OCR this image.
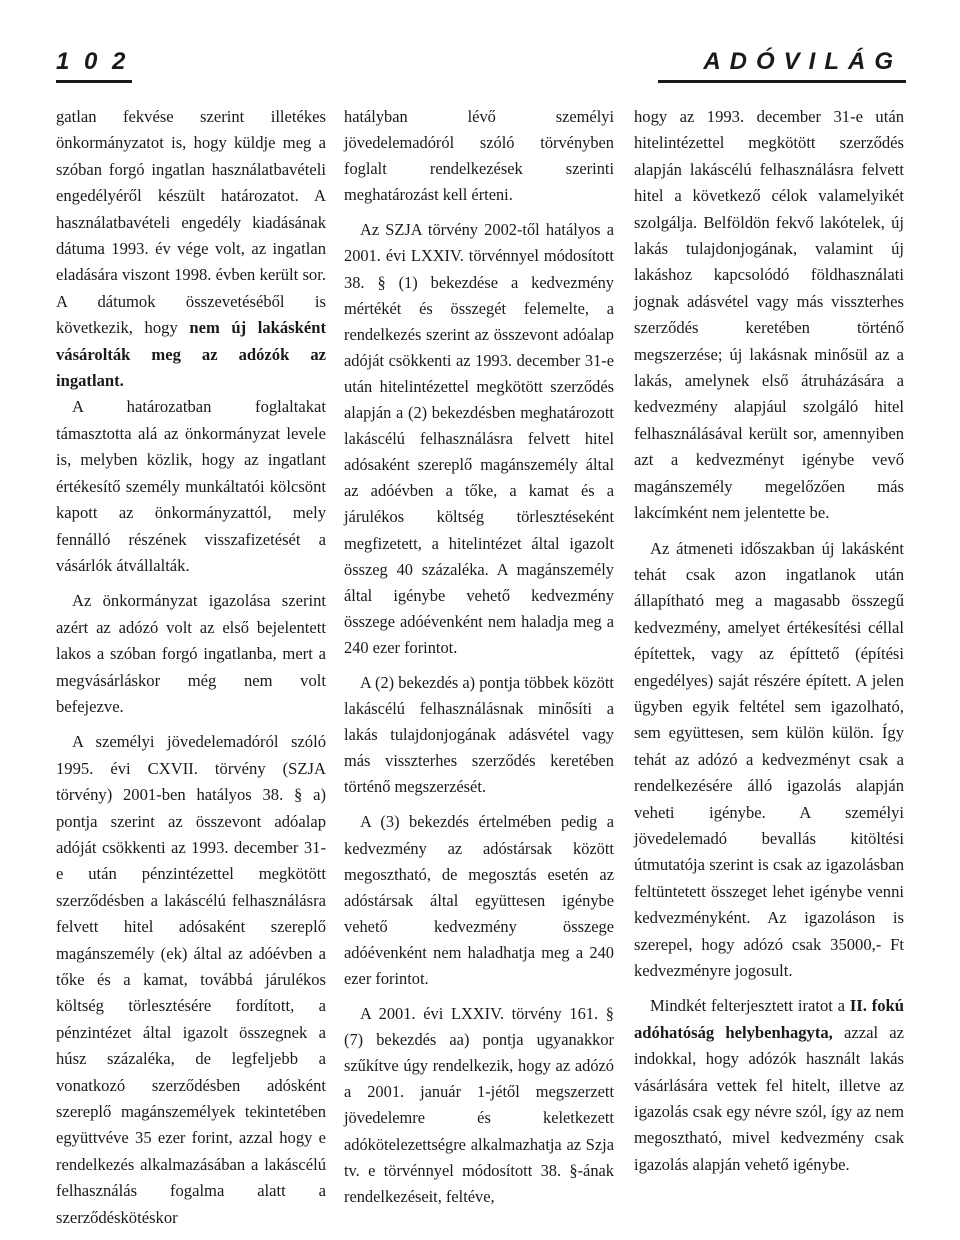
1 0 2	ADÓVILÁG

gatlan fekvése szerint illetékes önkormányzatot is, hogy küldje meg a szóban forgó ingatlan használatbavételi engedélyéről készült határozatot. A használatbavételi engedély kiadásának dátuma 1993. év vége volt, az ingatlan eladására viszont 1998. évben került sor. A dátumok összevetéséből is következik, hogy nem új lakásként vásárolták meg az adózók az ingatlant.

A határozatban foglaltakat támasztotta alá az önkormányzat levele is, melyben közlik, hogy az ingatlant értékesítő személy munkáltatói kölcsönt kapott az önkormányzattól, mely fennálló részének visszafizetését a vásárlók átvállalták.

Az önkormányzat igazolása szerint azért az adózó volt az első bejelentett lakos a szóban forgó ingatlanba, mert a megvásárláskor még nem volt befejezve.

A személyi jövedelemadóról szóló 1995. évi CXVII. törvény (SZJA törvény) 2001-ben hatályos 38. § a) pontja szerint az összevont adóalap adóját csökkenti az 1993. december 31-e után pénzintézettel megkötött szerződésben a lakáscélú felhasználásra felvett hitel adósaként szereplő magánszemély (ek) által az adóévben a tőke és a kamat, továbbá járulékos költség törlesztésére fordított, a pénzintézet által igazolt összegnek a húsz százaléka, de legfeljebb a vonatkozó szerződésben adósként szereplő magánszemélyek tekintetében együttvéve 35 ezer forint, azzal hogy e rendelkezés alkalmazásában a lakáscélú felhasználás fogalma alatt a szerződéskötéskor

hatályban lévő személyi jövedelemadóról szóló törvényben foglalt rendelkezések szerinti meghatározást kell érteni.

Az SZJA törvény 2002-től hatályos a 2001. évi LXXIV. törvénnyel módosított 38. § (1) bekezdése a kedvezmény mértékét és összegét felemelte, a rendelkezés szerint az összevont adóalap adóját csökkenti az 1993. december 31-e után hitelintézettel megkötött szerződés alapján a (2) bekezdésben meghatározott lakáscélú felhasználásra felvett hitel adósaként szereplő magánszemély által az adóévben a tőke, a kamat és a járulékos költség törlesztéseként megfizetett, a hitelintézet által igazolt összeg 40 százaléka. A magánszemély által igénybe vehető kedvezmény összege adóévenként nem haladja meg a 240 ezer forintot.

A (2) bekezdés a) pontja többek között lakáscélú felhasználásnak minősíti a lakás tulajdonjogának adásvétel vagy más visszterhes szerződés keretében történő megszerzését.

A (3) bekezdés értelmében pedig a kedvezmény az adóstársak között megosztható, de megosztás esetén az adóstársak által együttesen igénybe vehető kedvezmény összege adóévenként nem haladhatja meg a 240 ezer forintot.

A 2001. évi LXXIV. törvény 161. § (7) bekezdés aa) pontja ugyanakkor szűkítve úgy rendelkezik, hogy az adózó a 2001. január 1-jétől megszerzett jövedelemre és keletkezett adókötelezettségre alkalmazhatja az Szja tv. e törvénnyel módosított 38. §-ának rendelkezéseit, feltéve,

hogy az 1993. december 31-e után hitelintézettel megkötött szerződés alapján lakáscélú felhasználásra felvett hitel a következő célok valamelyikét szolgálja. Belföldön fekvő lakótelek, új lakás tulajdonjogának, valamint új lakáshoz kapcsolódó földhasználati jognak adásvétel vagy más visszterhes szerződés keretében történő megszerzése; új lakásnak minősül az a lakás, amelynek első átruházására a kedvezmény alapjául szolgáló hitel felhasználásával került sor, amennyiben azt a kedvezményt igénybe vevő magánszemély megelőzően más lakcímként nem jelentette be.

Az átmeneti időszakban új lakásként tehát csak azon ingatlanok után állapítható meg a magasabb összegű kedvezmény, amelyet értékesítési céllal építettek, vagy az építtető (építési engedélyes) saját részére épített. A jelen ügyben egyik feltétel sem igazolható, sem együttesen, sem külön külön. Így tehát az adózó a kedvezményt csak a rendelkezésére álló igazolás alapján veheti igénybe. A személyi jövedelemadó bevallás kitöltési útmutatója szerint is csak az igazolásban feltüntetett összeget lehet igénybe venni kedvezményként. Az igazoláson is szerepel, hogy adózó csak 35000,- Ft kedvezményre jogosult.

Mindkét felterjesztett iratot a II. fokú adóhatóság helybenhagyta, azzal az indokkal, hogy adózók használt lakás vásárlására vettek fel hitelt, illetve az igazolás csak egy névre szól, így az nem megosztható, mivel kedvezmény csak igazolás alapján vehető igénybe.
